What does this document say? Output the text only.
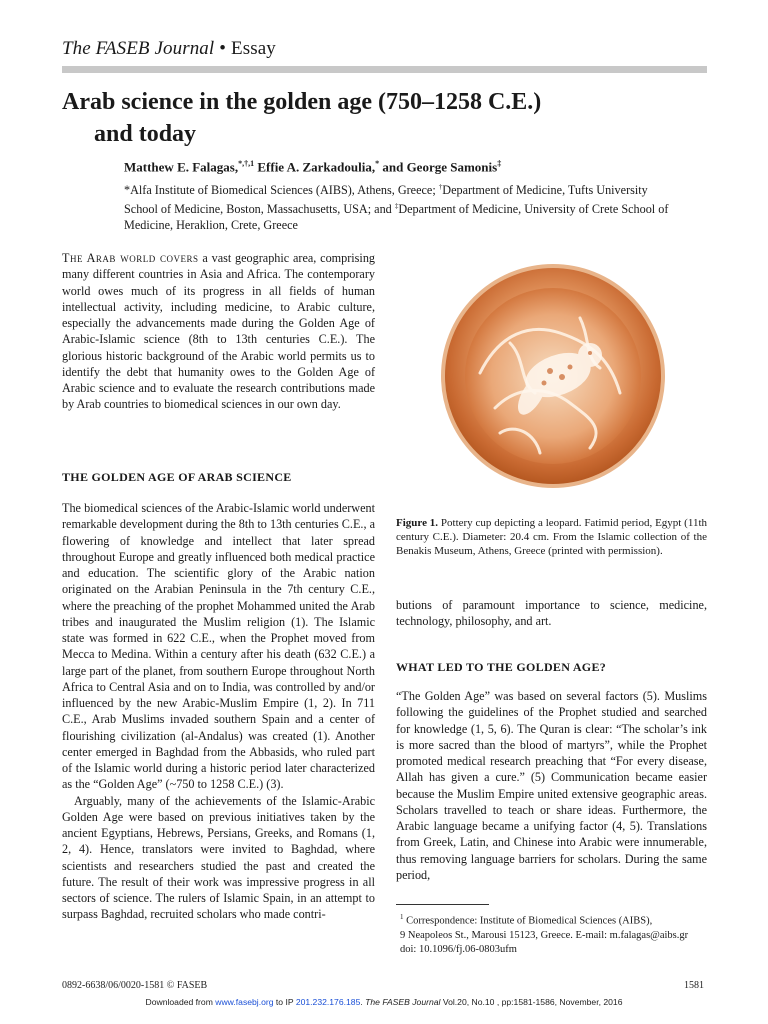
The FASEB Journal • Essay
Arab science in the golden age (750–1258 C.E.)
and today

Matthew E. Falagas,$^{*,\dagger,1}$ Effie A. Zarkadoulia,* and George Samonis‡

*Alfa Institute of Biomedical Sciences (AIBS), Athens, Greece; †Department of Medicine, Tufts University School of Medicine, Boston, Massachusetts, USA; and ‡Department of Medicine, University of Crete School of Medicine, Heraklion, Crete, Greece

The Arab world covers a vast geographic area, comprising many different countries in Asia and Africa. The contemporary world owes much of its progress in all fields of human intellectual activity, including medicine, to Arabic culture, especially the advancements made during the Golden Age of Arabic-Islamic science (8th to 13th centuries C.E.). The glorious historic background of the Arabic world permits us to identify the debt that humanity owes to the Golden Age of Arabic science and to evaluate the research contributions made by Arab countries to biomedical sciences in our own day.

THE GOLDEN AGE OF ARAB SCIENCE

The biomedical sciences of the Arabic-Islamic world underwent remarkable development during the 8th to 13th centuries C.E., a flowering of knowledge and intellect that later spread throughout Europe and greatly influenced both medical practice and education. The scientific glory of the Arabic nation originated on the Arabian Peninsula in the 7th century C.E., where the preaching of the prophet Mohammed united the Arab tribes and inaugurated the Muslim religion (1). The Islamic state was formed in 622 C.E., when the Prophet moved from Mecca to Medina. Within a century after his death (632 C.E.) a large part of the planet, from southern Europe throughout North Africa to Central Asia and on to India, was controlled by and/or influenced by the new Arabic-Muslim Empire (1, 2). In 711 C.E., Arab Muslims invaded southern Spain and a center of flourishing civilization (al-Andalus) was created (1). Another center emerged in Baghdad from the Abbasids, who ruled part of the Islamic world during a historic period later characterized as the “Golden Age” (~750 to 1258 C.E.) (3).

Arguably, many of the achievements of the Islamic-Arabic Golden Age were based on previous initiatives taken by the ancient Egyptians, Hebrews, Persians, Greeks, and Romans (1, 2, 4). Hence, translators were invited to Baghdad, where scientists and researchers studied the past and created the future. The result of their work was impressive progress in all sectors of science. The rulers of Islamic Spain, in an attempt to surpass Baghdad, recruited scholars who made contri-

Figure 1. Pottery cup depicting a leopard. Fatimid period, Egypt (11th century C.E.). Diameter: 20.4 cm. From the Islamic collection of the Benakis Museum, Athens, Greece (printed with permission).

butions of paramount importance to science, medicine, technology, philosophy, and art.

WHAT LED TO THE GOLDEN AGE?

“The Golden Age” was based on several factors (5). Muslims following the guidelines of the Prophet studied and searched for knowledge (1, 5, 6). The Quran is clear: “The scholar’s ink is more sacred than the blood of martyrs”, while the Prophet promoted medical research preaching that “For every disease, Allah has given a cure.” (5) Communication became easier because the Muslim Empire united extensive geographic areas. Scholars travelled to teach or share ideas. Furthermore, the Arabic language became a unifying factor (4, 5). Translations from Greek, Latin, and Chinese into Arabic were innumerable, thus removing language barriers for scholars. During the same period,

$^1$ Correspondence: Institute of Biomedical Sciences (AIBS),
9 Neapoleos St., Marousi 15123, Greece. E-mail: m.falagas@aibs.gr
doi: 10.1096/fj.06-0803ufm

0892-6638/06/0020-1581 © FASEB	1581
Downloaded from www.fasebj.org to IP 201.232.176.185. The FASEB Journal Vol.20, No.10 , pp:1581-1586, November, 2016
